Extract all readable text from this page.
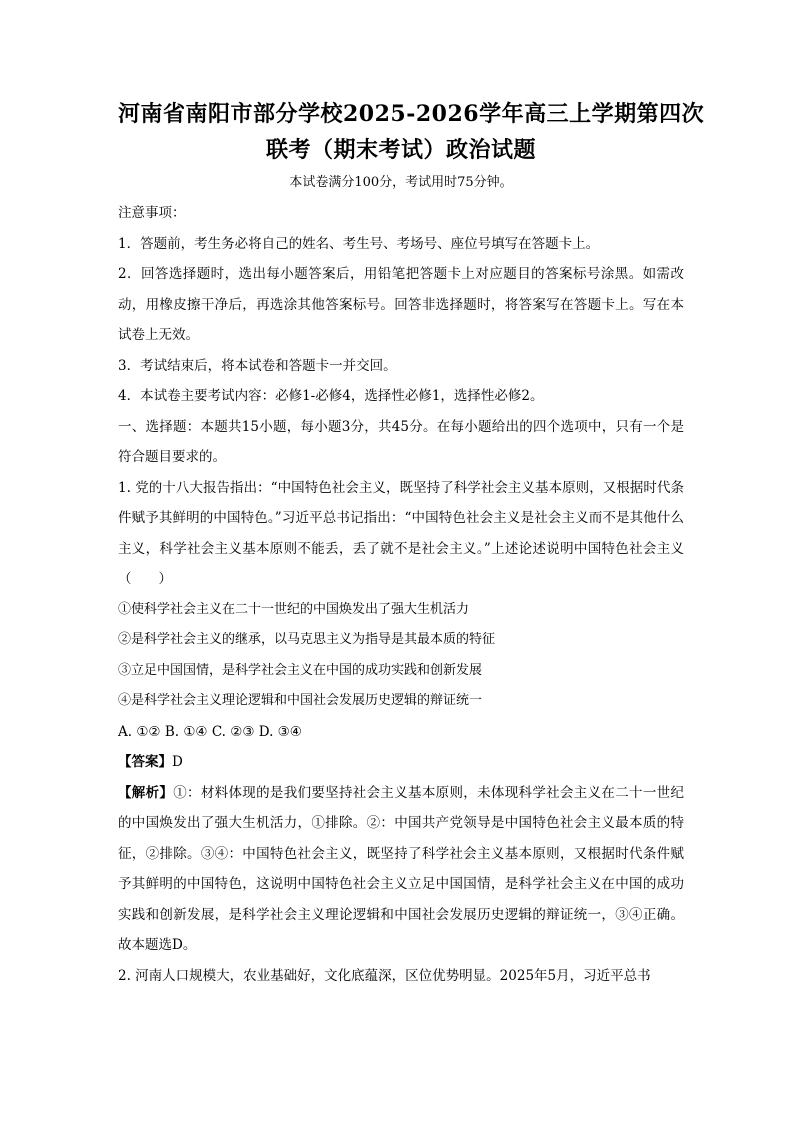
河南省南阳市部分学校2025-2026学年高三上学期第四次
联考（期末考试）政治试题

本试卷满分100分，考试用时75分钟。

注意事项：

1．答题前，考生务必将自己的姓名、考生号、考场号、座位号填写在答题卡上。

2．回答选择题时，选出每小题答案后，用铅笔把答题卡上对应题目的答案标号涂黑。如需改动，用橡皮擦干净后，再选涂其他答案标号。回答非选择题时，将答案写在答题卡上。写在本试卷上无效。

3．考试结束后，将本试卷和答题卡一并交回。

4．本试卷主要考试内容：必修1-必修4，选择性必修1，选择性必修2。

一、选择题：本题共15小题，每小题3分，共45分。在每小题给出的四个选项中，只有一个是符合题目要求的。

1. 党的十八大报告指出：“中国特色社会主义，既坚持了科学社会主义基本原则，又根据时代条件赋予其鲜明的中国特色。”习近平总书记指出：“中国特色社会主义是社会主义而不是其他什么主义，科学社会主义基本原则不能丢，丢了就不是社会主义。”上述论述说明中国特色社会主义（　　）

①使科学社会主义在二十一世纪的中国焕发出了强大生机活力

②是科学社会主义的继承，以马克思主义为指导是其最本质的特征

③立足中国国情，是科学社会主义在中国的成功实践和创新发展

④是科学社会主义理论逻辑和中国社会发展历史逻辑的辩证统一

A. ①② B. ①④ C. ②③ D. ③④

【答案】D

【解析】①：材料体现的是我们要坚持社会主义基本原则，未体现科学社会主义在二十一世纪的中国焕发出了强大生机活力，①排除。②：中国共产党领导是中国特色社会主义最本质的特征，②排除。③④：中国特色社会主义，既坚持了科学社会主义基本原则，又根据时代条件赋予其鲜明的中国特色，这说明中国特色社会主义立足中国国情，是科学社会主义在中国的成功实践和创新发展，是科学社会主义理论逻辑和中国社会发展历史逻辑的辩证统一，③④正确。故本题选D。

2. 河南人口规模大，农业基础好，文化底蕴深，区位优势明显。2025年5月，习近平总书
